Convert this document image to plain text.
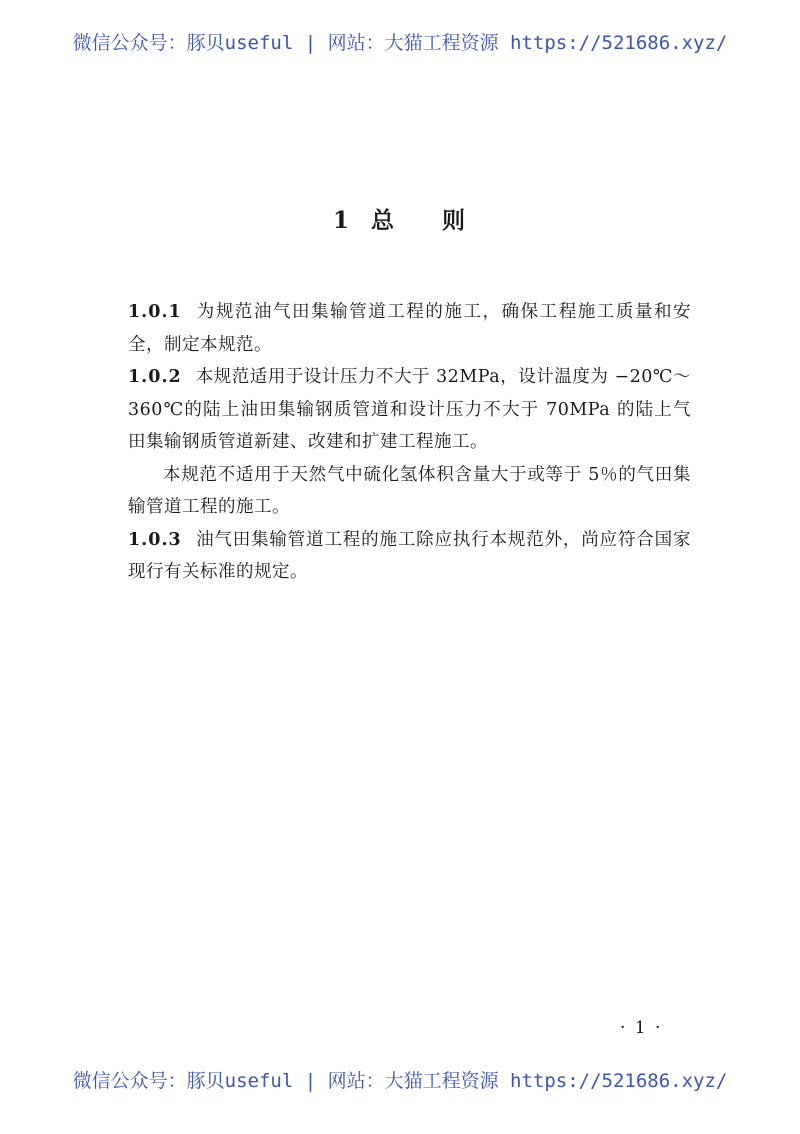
微信公众号：豚贝useful | 网站：大猫工程资源 https://521686.xyz/
1 总 则

1.0.1 为规范油气田集输管道工程的施工，确保工程施工质量和安全，制定本规范。

1.0.2 本规范适用于设计压力不大于 32MPa，设计温度为 −20℃～360℃的陆上油田集输钢质管道和设计压力不大于 70MPa 的陆上气田集输钢质管道新建、改建和扩建工程施工。

本规范不适用于天然气中硫化氢体积含量大于或等于 5％的气田集输管道工程的施工。

1.0.3 油气田集输管道工程的施工除应执行本规范外，尚应符合国家现行有关标准的规定。

· 1 ·
微信公众号：豚贝useful | 网站：大猫工程资源 https://521686.xyz/
